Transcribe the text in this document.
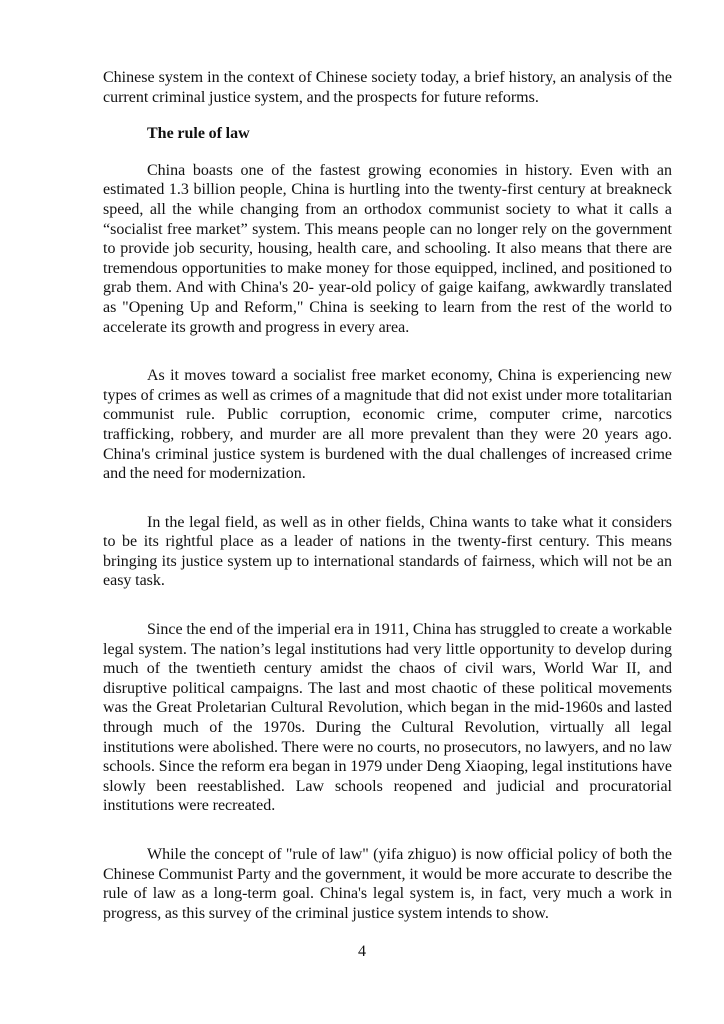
Chinese system in the context of Chinese society today, a brief history, an analysis of the current criminal justice system, and the prospects for future reforms.

The rule of law

China boasts one of the fastest growing economies in history. Even with an estimated 1.3 billion people, China is hurtling into the twenty-first century at breakneck speed, all the while changing from an orthodox communist society to what it calls a “socialist free market” system. This means people can no longer rely on the government to provide job security, housing, health care, and schooling. It also means that there are tremendous opportunities to make money for those equipped, inclined, and positioned to grab them. And with China's 20- year-old policy of gaige kaifang, awkwardly translated as "Opening Up and Reform," China is seeking to learn from the rest of the world to accelerate its growth and progress in every area.

As it moves toward a socialist free market economy, China is experiencing new types of crimes as well as crimes of a magnitude that did not exist under more totalitarian communist rule. Public corruption, economic crime, computer crime, narcotics trafficking, robbery, and murder are all more prevalent than they were 20 years ago. China's criminal justice system is burdened with the dual challenges of increased crime and the need for modernization.

In the legal field, as well as in other fields, China wants to take what it considers to be its rightful place as a leader of nations in the twenty-first century. This means bringing its justice system up to international standards of fairness, which will not be an easy task.

Since the end of the imperial era in 1911, China has struggled to create a workable legal system. The nation’s legal institutions had very little opportunity to develop during much of the twentieth century amidst the chaos of civil wars, World War II, and disruptive political campaigns. The last and most chaotic of these political movements was the Great Proletarian Cultural Revolution, which began in the mid-1960s and lasted through much of the 1970s. During the Cultural Revolution, virtually all legal institutions were abolished. There were no courts, no prosecutors, no lawyers, and no law schools. Since the reform era began in 1979 under Deng Xiaoping, legal institutions have slowly been reestablished. Law schools reopened and judicial and procuratorial institutions were recreated.

While the concept of "rule of law" (yifa zhiguo) is now official policy of both the Chinese Communist Party and the government, it would be more accurate to describe the rule of law as a long-term goal. China's legal system is, in fact, very much a work in progress, as this survey of the criminal justice system intends to show.

4
